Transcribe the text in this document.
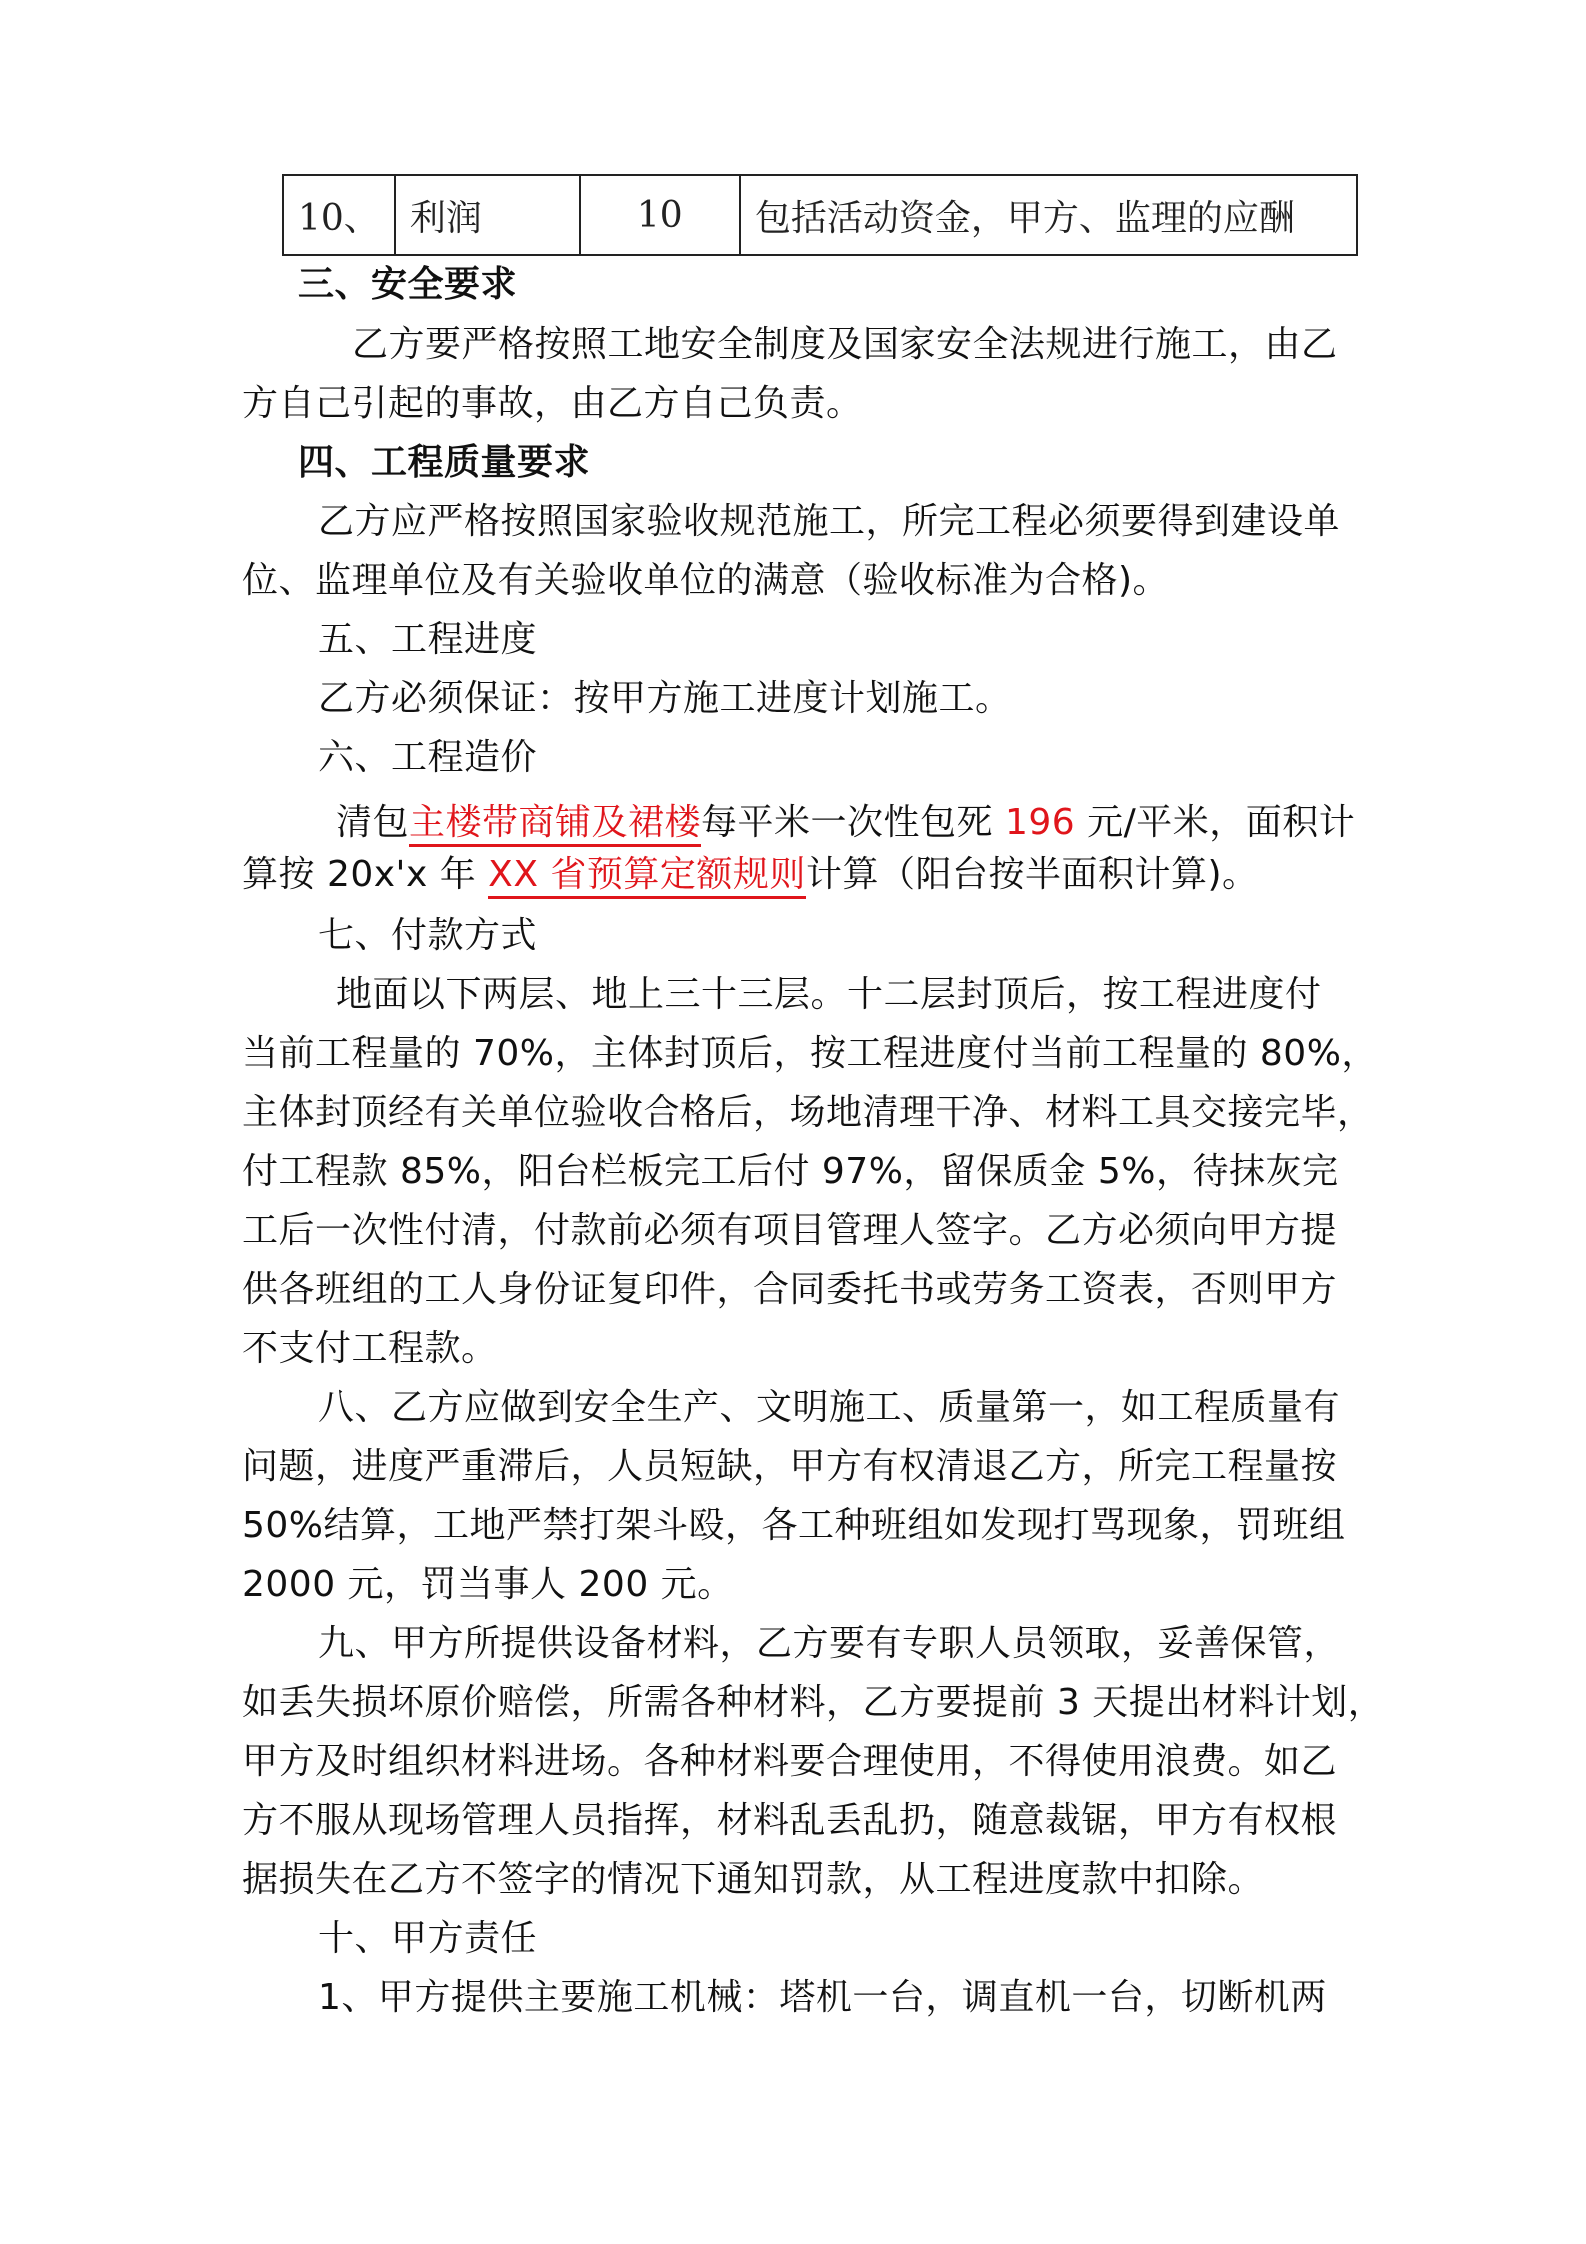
10、	利润	10	包括活动资金，甲方、监理的应酬
三、安全要求
乙方要严格按照工地安全制度及国家安全法规进行施工，由乙
方自己引起的事故，由乙方自己负责。
四、工程质量要求
乙方应严格按照国家验收规范施工，所完工程必须要得到建设单
位、监理单位及有关验收单位的满意（验收标准为合格)。
五、工程进度
乙方必须保证：按甲方施工进度计划施工。
六、工程造价
清包主楼带商铺及裙楼每平米一次性包死 196 元/平米，面积计
算按 20x'x 年 XX 省预算定额规则计算（阳台按半面积计算)。
七、付款方式
地面以下两层、地上三十三层。十二层封顶后，按工程进度付
当前工程量的 70%，主体封顶后，按工程进度付当前工程量的 80%，
主体封顶经有关单位验收合格后，场地清理干净、材料工具交接完毕，
付工程款 85%，阳台栏板完工后付 97%，留保质金 5%，待抹灰完
工后一次性付清，付款前必须有项目管理人签字。乙方必须向甲方提
供各班组的工人身份证复印件，合同委托书或劳务工资表，否则甲方
不支付工程款。
八、乙方应做到安全生产、文明施工、质量第一，如工程质量有
问题，进度严重滞后，人员短缺，甲方有权清退乙方，所完工程量按
50%结算，工地严禁打架斗殴，各工种班组如发现打骂现象，罚班组
2000 元，罚当事人 200 元。
九、甲方所提供设备材料，乙方要有专职人员领取，妥善保管，
如丢失损坏原价赔偿，所需各种材料，乙方要提前 3 天提出材料计划，
甲方及时组织材料进场。各种材料要合理使用，不得使用浪费。如乙
方不服从现场管理人员指挥，材料乱丢乱扔，随意裁锯，甲方有权根
据损失在乙方不签字的情况下通知罚款，从工程进度款中扣除。
十、甲方责任
1、甲方提供主要施工机械：塔机一台，调直机一台，切断机两
